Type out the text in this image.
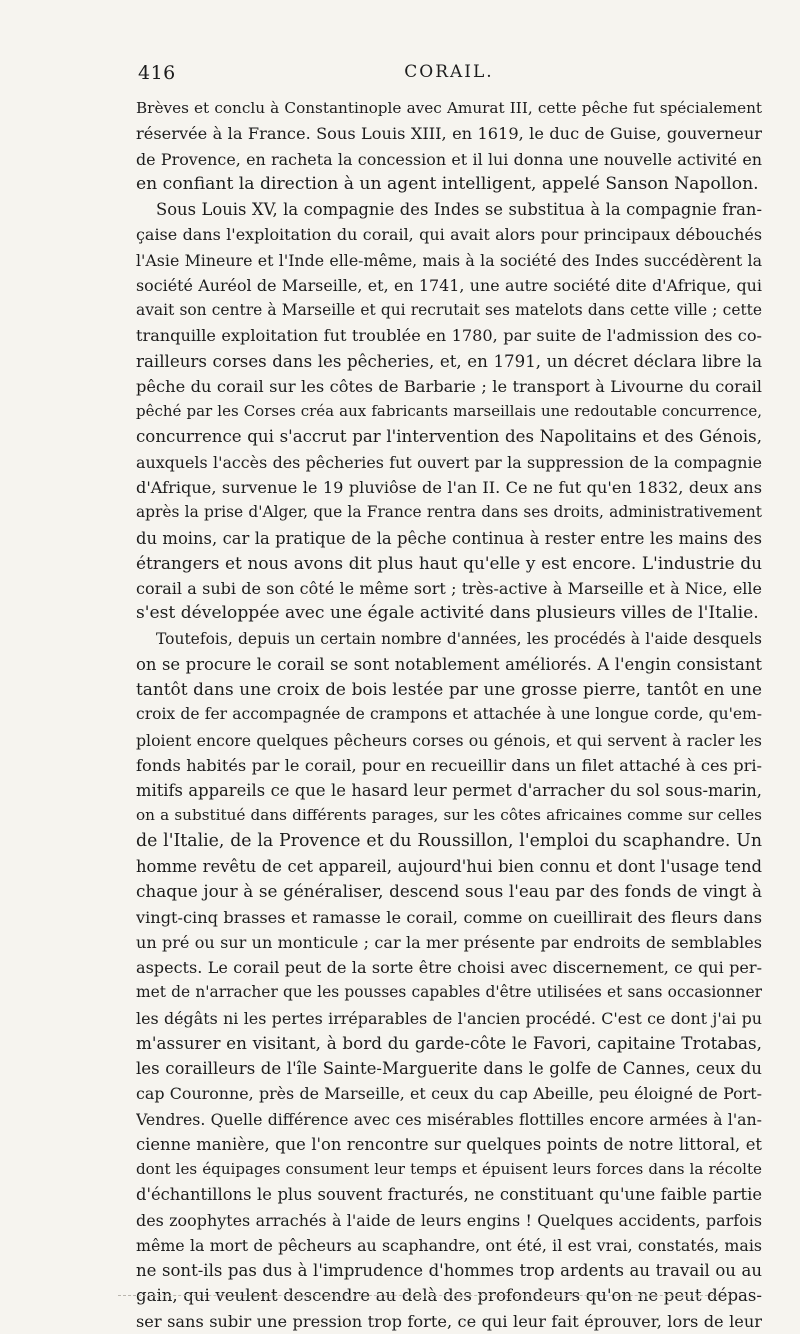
416	CORAIL.
Brèves et conclu à Constantinople avec Amurat III, cette pêche fut spécialement
réservée à la France. Sous Louis XIII, en 1619, le duc de Guise, gouverneur
de Provence, en racheta la concession et il lui donna une nouvelle activité en
en confiant la direction à un agent intelligent, appelé Sanson Napollon.
Sous Louis XV, la compagnie des Indes se substitua à la compagnie fran-
çaise dans l'exploitation du corail, qui avait alors pour principaux débouchés
l'Asie Mineure et l'Inde elle-même, mais à la société des Indes succédèrent la
société Auréol de Marseille, et, en 1741, une autre société dite d'Afrique, qui
avait son centre à Marseille et qui recrutait ses matelots dans cette ville ; cette
tranquille exploitation fut troublée en 1780, par suite de l'admission des co-
railleurs corses dans les pêcheries, et, en 1791, un décret déclara libre la
pêche du corail sur les côtes de Barbarie ; le transport à Livourne du corail
pêché par les Corses créa aux fabricants marseillais une redoutable concurrence,
concurrence qui s'accrut par l'intervention des Napolitains et des Génois,
auxquels l'accès des pêcheries fut ouvert par la suppression de la compagnie
d'Afrique, survenue le 19 pluviôse de l'an II. Ce ne fut qu'en 1832, deux ans
après la prise d'Alger, que la France rentra dans ses droits, administrativement
du moins, car la pratique de la pêche continua à rester entre les mains des
étrangers et nous avons dit plus haut qu'elle y est encore. L'industrie du
corail a subi de son côté le même sort ; très-active à Marseille et à Nice, elle
s'est développée avec une égale activité dans plusieurs villes de l'Italie.
Toutefois, depuis un certain nombre d'années, les procédés à l'aide desquels
on se procure le corail se sont notablement améliorés. A l'engin consistant
tantôt dans une croix de bois lestée par une grosse pierre, tantôt en une
croix de fer accompagnée de crampons et attachée à une longue corde, qu'em-
ploient encore quelques pêcheurs corses ou génois, et qui servent à racler les
fonds habités par le corail, pour en recueillir dans un filet attaché à ces pri-
mitifs appareils ce que le hasard leur permet d'arracher du sol sous-marin,
on a substitué dans différents parages, sur les côtes africaines comme sur celles
de l'Italie, de la Provence et du Roussillon, l'emploi du scaphandre. Un
homme revêtu de cet appareil, aujourd'hui bien connu et dont l'usage tend
chaque jour à se généraliser, descend sous l'eau par des fonds de vingt à
vingt-cinq brasses et ramasse le corail, comme on cueillirait des fleurs dans
un pré ou sur un monticule ; car la mer présente par endroits de semblables
aspects. Le corail peut de la sorte être choisi avec discernement, ce qui per-
met de n'arracher que les pousses capables d'être utilisées et sans occasionner
les dégâts ni les pertes irréparables de l'ancien procédé. C'est ce dont j'ai pu
m'assurer en visitant, à bord du garde-côte le Favori, capitaine Trotabas,
les corailleurs de l'île Sainte-Marguerite dans le golfe de Cannes, ceux du
cap Couronne, près de Marseille, et ceux du cap Abeille, peu éloigné de Port-
Vendres. Quelle différence avec ces misérables flottilles encore armées à l'an-
cienne manière, que l'on rencontre sur quelques points de notre littoral, et
dont les équipages consument leur temps et épuisent leurs forces dans la récolte
d'échantillons le plus souvent fracturés, ne constituant qu'une faible partie
des zoophytes arrachés à l'aide de leurs engins ! Quelques accidents, parfois
même la mort de pêcheurs au scaphandre, ont été, il est vrai, constatés, mais
ne sont-ils pas dus à l'imprudence d'hommes trop ardents au travail ou au
gain, qui veulent descendre au delà des profondeurs qu'on ne peut dépas-
ser sans subir une pression trop forte, ce qui leur fait éprouver, lors de leur
